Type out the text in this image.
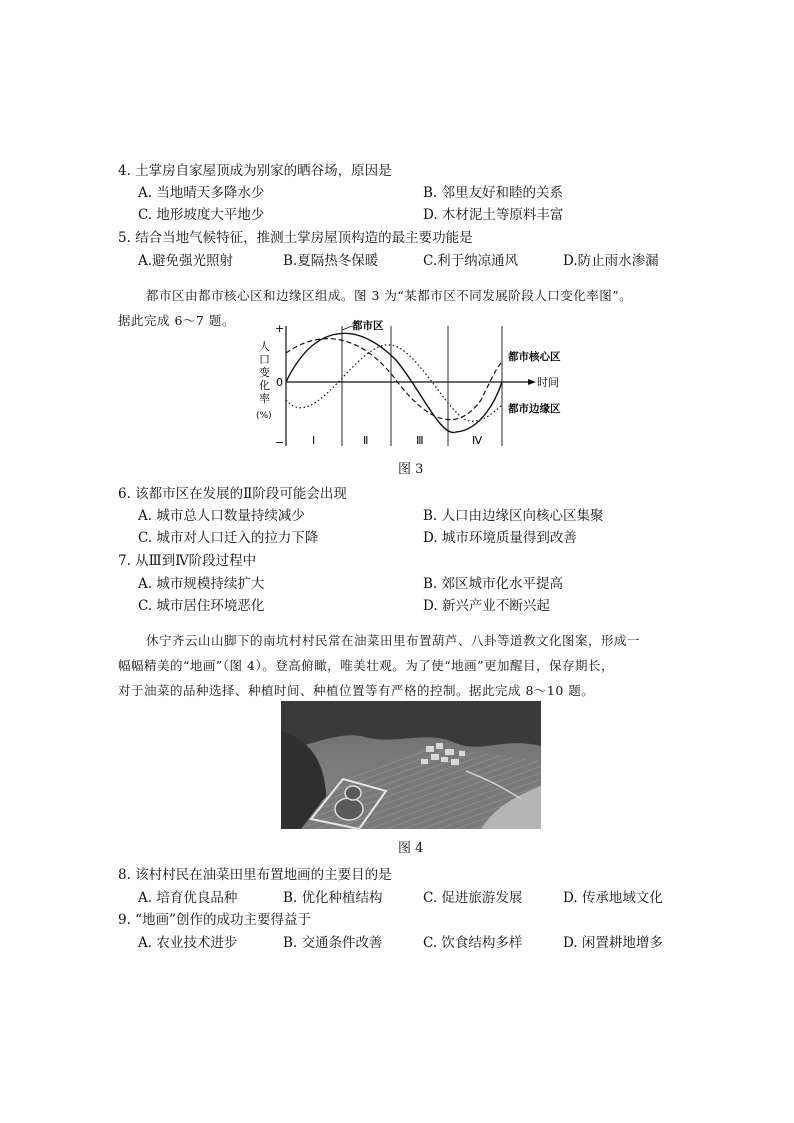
4. 土掌房自家屋顶成为别家的晒谷场，原因是
A. 当地晴天多降水少	B. 邻里友好和睦的关系
C. 地形坡度大平地少	D. 木材泥土等原料丰富
5. 结合当地气候特征，推测土掌房屋顶构造的最主要功能是
A.避免强光照射	B.夏隔热冬保暖	C.利于纳凉通风	D.防止雨水渗漏
都市区由都市核心区和边缘区组成。图 3 为“某都市区不同发展阶段人口变化率图”。
据此完成 6～7 题。
+
−
0
人
口
变
化
率
(%)
时间
Ⅰ	Ⅱ	Ⅲ	Ⅳ
都市区
都市核心区
都市边缘区
图 3
6. 该都市区在发展的Ⅱ阶段可能会出现
A. 城市总人口数量持续减少	B. 人口由边缘区向核心区集聚
C. 城市对人口迁入的拉力下降	D. 城市环境质量得到改善
7. 从Ⅲ到Ⅳ阶段过程中
A. 城市规模持续扩大	B. 郊区城市化水平提高
C. 城市居住环境恶化	D. 新兴产业不断兴起
休宁齐云山山脚下的南坑村村民常在油菜田里布置葫芦、八卦等道教文化图案，形成一
幅幅精美的“地画”（图 4）。登高俯瞰，唯美壮观。为了使“地画”更加醒目，保存期长，
对于油菜的品种选择、种植时间、种植位置等有严格的控制。据此完成 8～10 题。
图 4
8. 该村村民在油菜田里布置地画的主要目的是
A. 培育优良品种	B. 优化种植结构	C. 促进旅游发展	D. 传承地域文化
9. “地画”创作的成功主要得益于
A. 农业技术进步	B. 交通条件改善	C. 饮食结构多样	D. 闲置耕地增多
